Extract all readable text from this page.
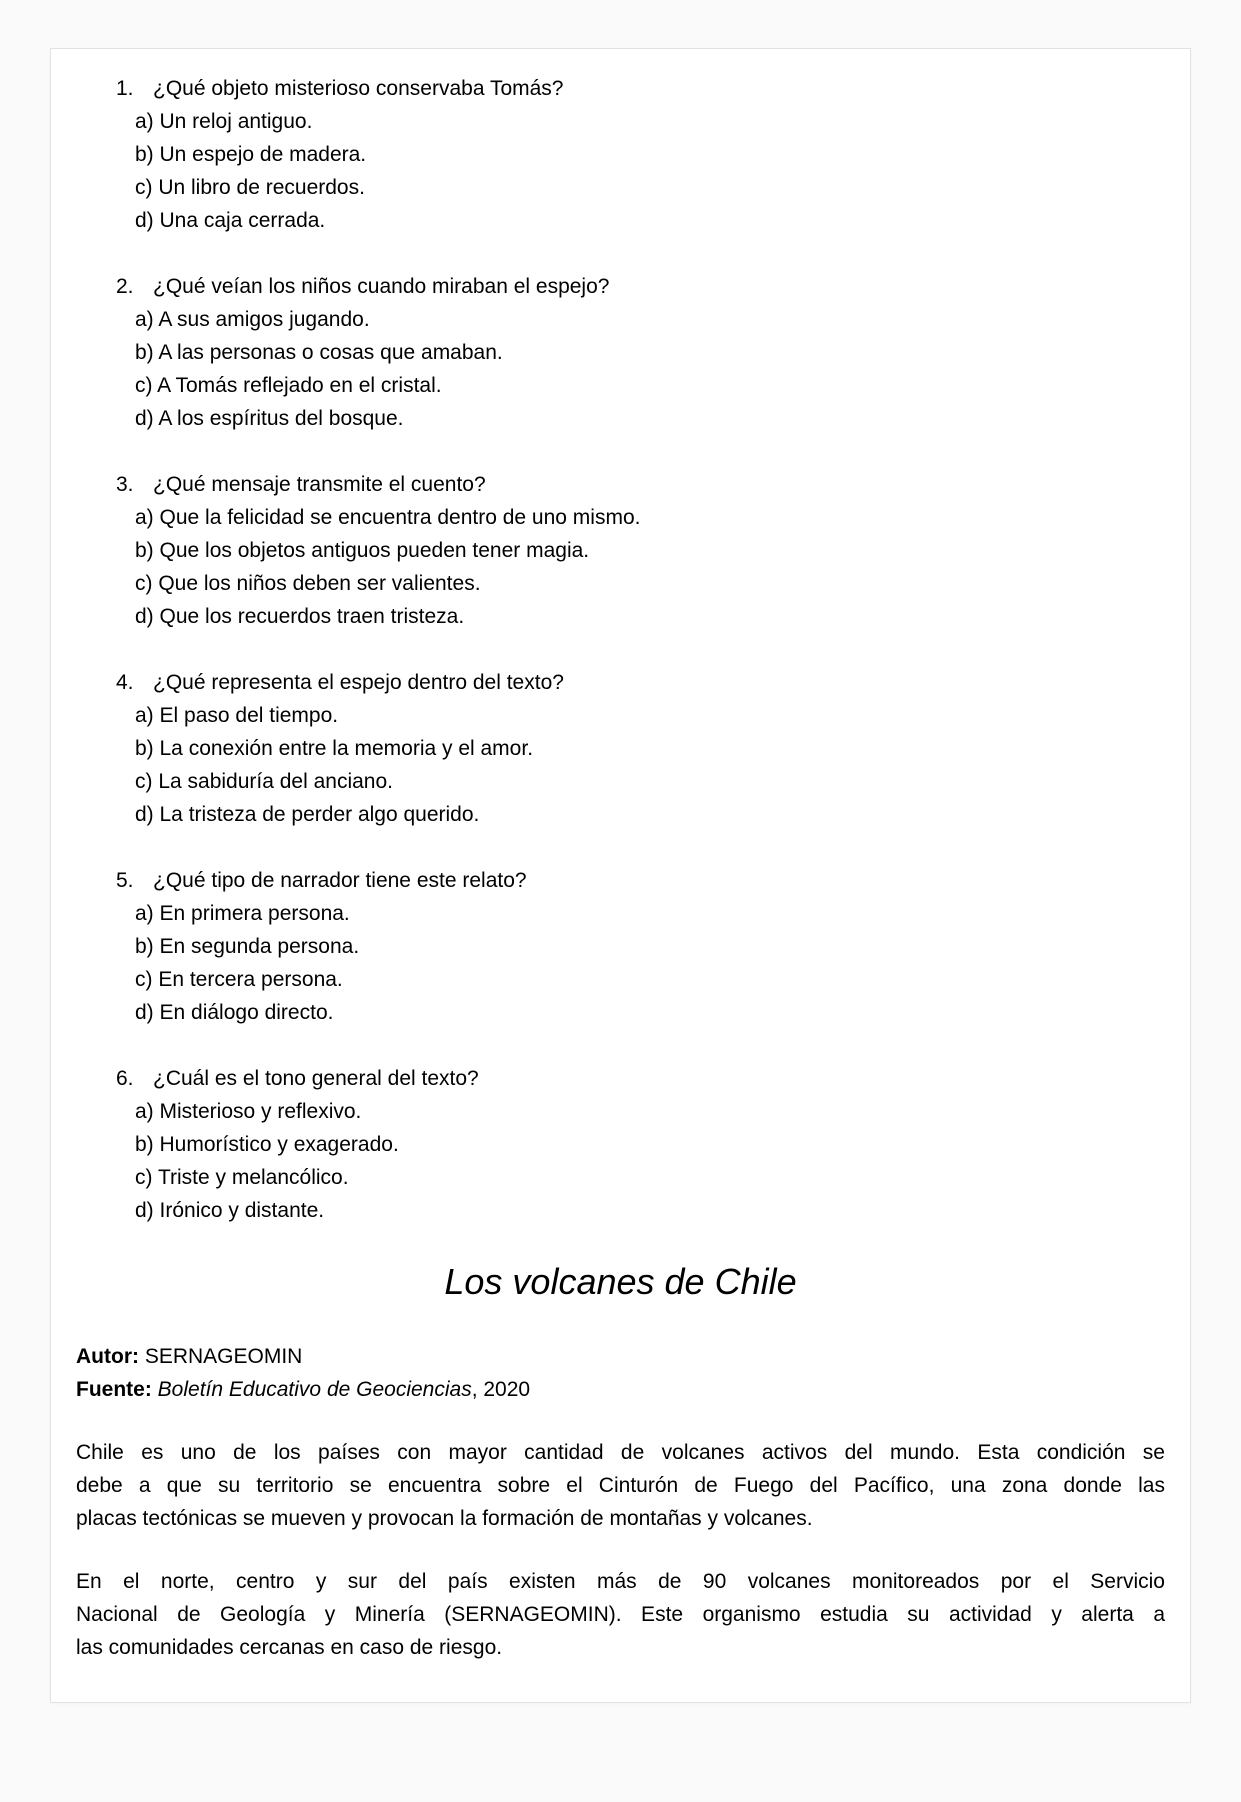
1. ¿Qué objeto misterioso conservaba Tomás?
a) Un reloj antiguo.
b) Un espejo de madera.
c) Un libro de recuerdos.
d) Una caja cerrada.
2. ¿Qué veían los niños cuando miraban el espejo?
a) A sus amigos jugando.
b) A las personas o cosas que amaban.
c) A Tomás reflejado en el cristal.
d) A los espíritus del bosque.
3. ¿Qué mensaje transmite el cuento?
a) Que la felicidad se encuentra dentro de uno mismo.
b) Que los objetos antiguos pueden tener magia.
c) Que los niños deben ser valientes.
d) Que los recuerdos traen tristeza.
4. ¿Qué representa el espejo dentro del texto?
a) El paso del tiempo.
b) La conexión entre la memoria y el amor.
c) La sabiduría del anciano.
d) La tristeza de perder algo querido.
5. ¿Qué tipo de narrador tiene este relato?
a) En primera persona.
b) En segunda persona.
c) En tercera persona.
d) En diálogo directo.
6. ¿Cuál es el tono general del texto?
a) Misterioso y reflexivo.
b) Humorístico y exagerado.
c) Triste y melancólico.
d) Irónico y distante.
Los volcanes de Chile
Autor: SERNAGEOMIN
Fuente: Boletín Educativo de Geociencias, 2020
Chile es uno de los países con mayor cantidad de volcanes activos del mundo. Esta condición se
debe a que su territorio se encuentra sobre el Cinturón de Fuego del Pacífico, una zona donde las
placas tectónicas se mueven y provocan la formación de montañas y volcanes.
En el norte, centro y sur del país existen más de 90 volcanes monitoreados por el Servicio
Nacional de Geología y Minería (SERNAGEOMIN). Este organismo estudia su actividad y alerta a
las comunidades cercanas en caso de riesgo.
